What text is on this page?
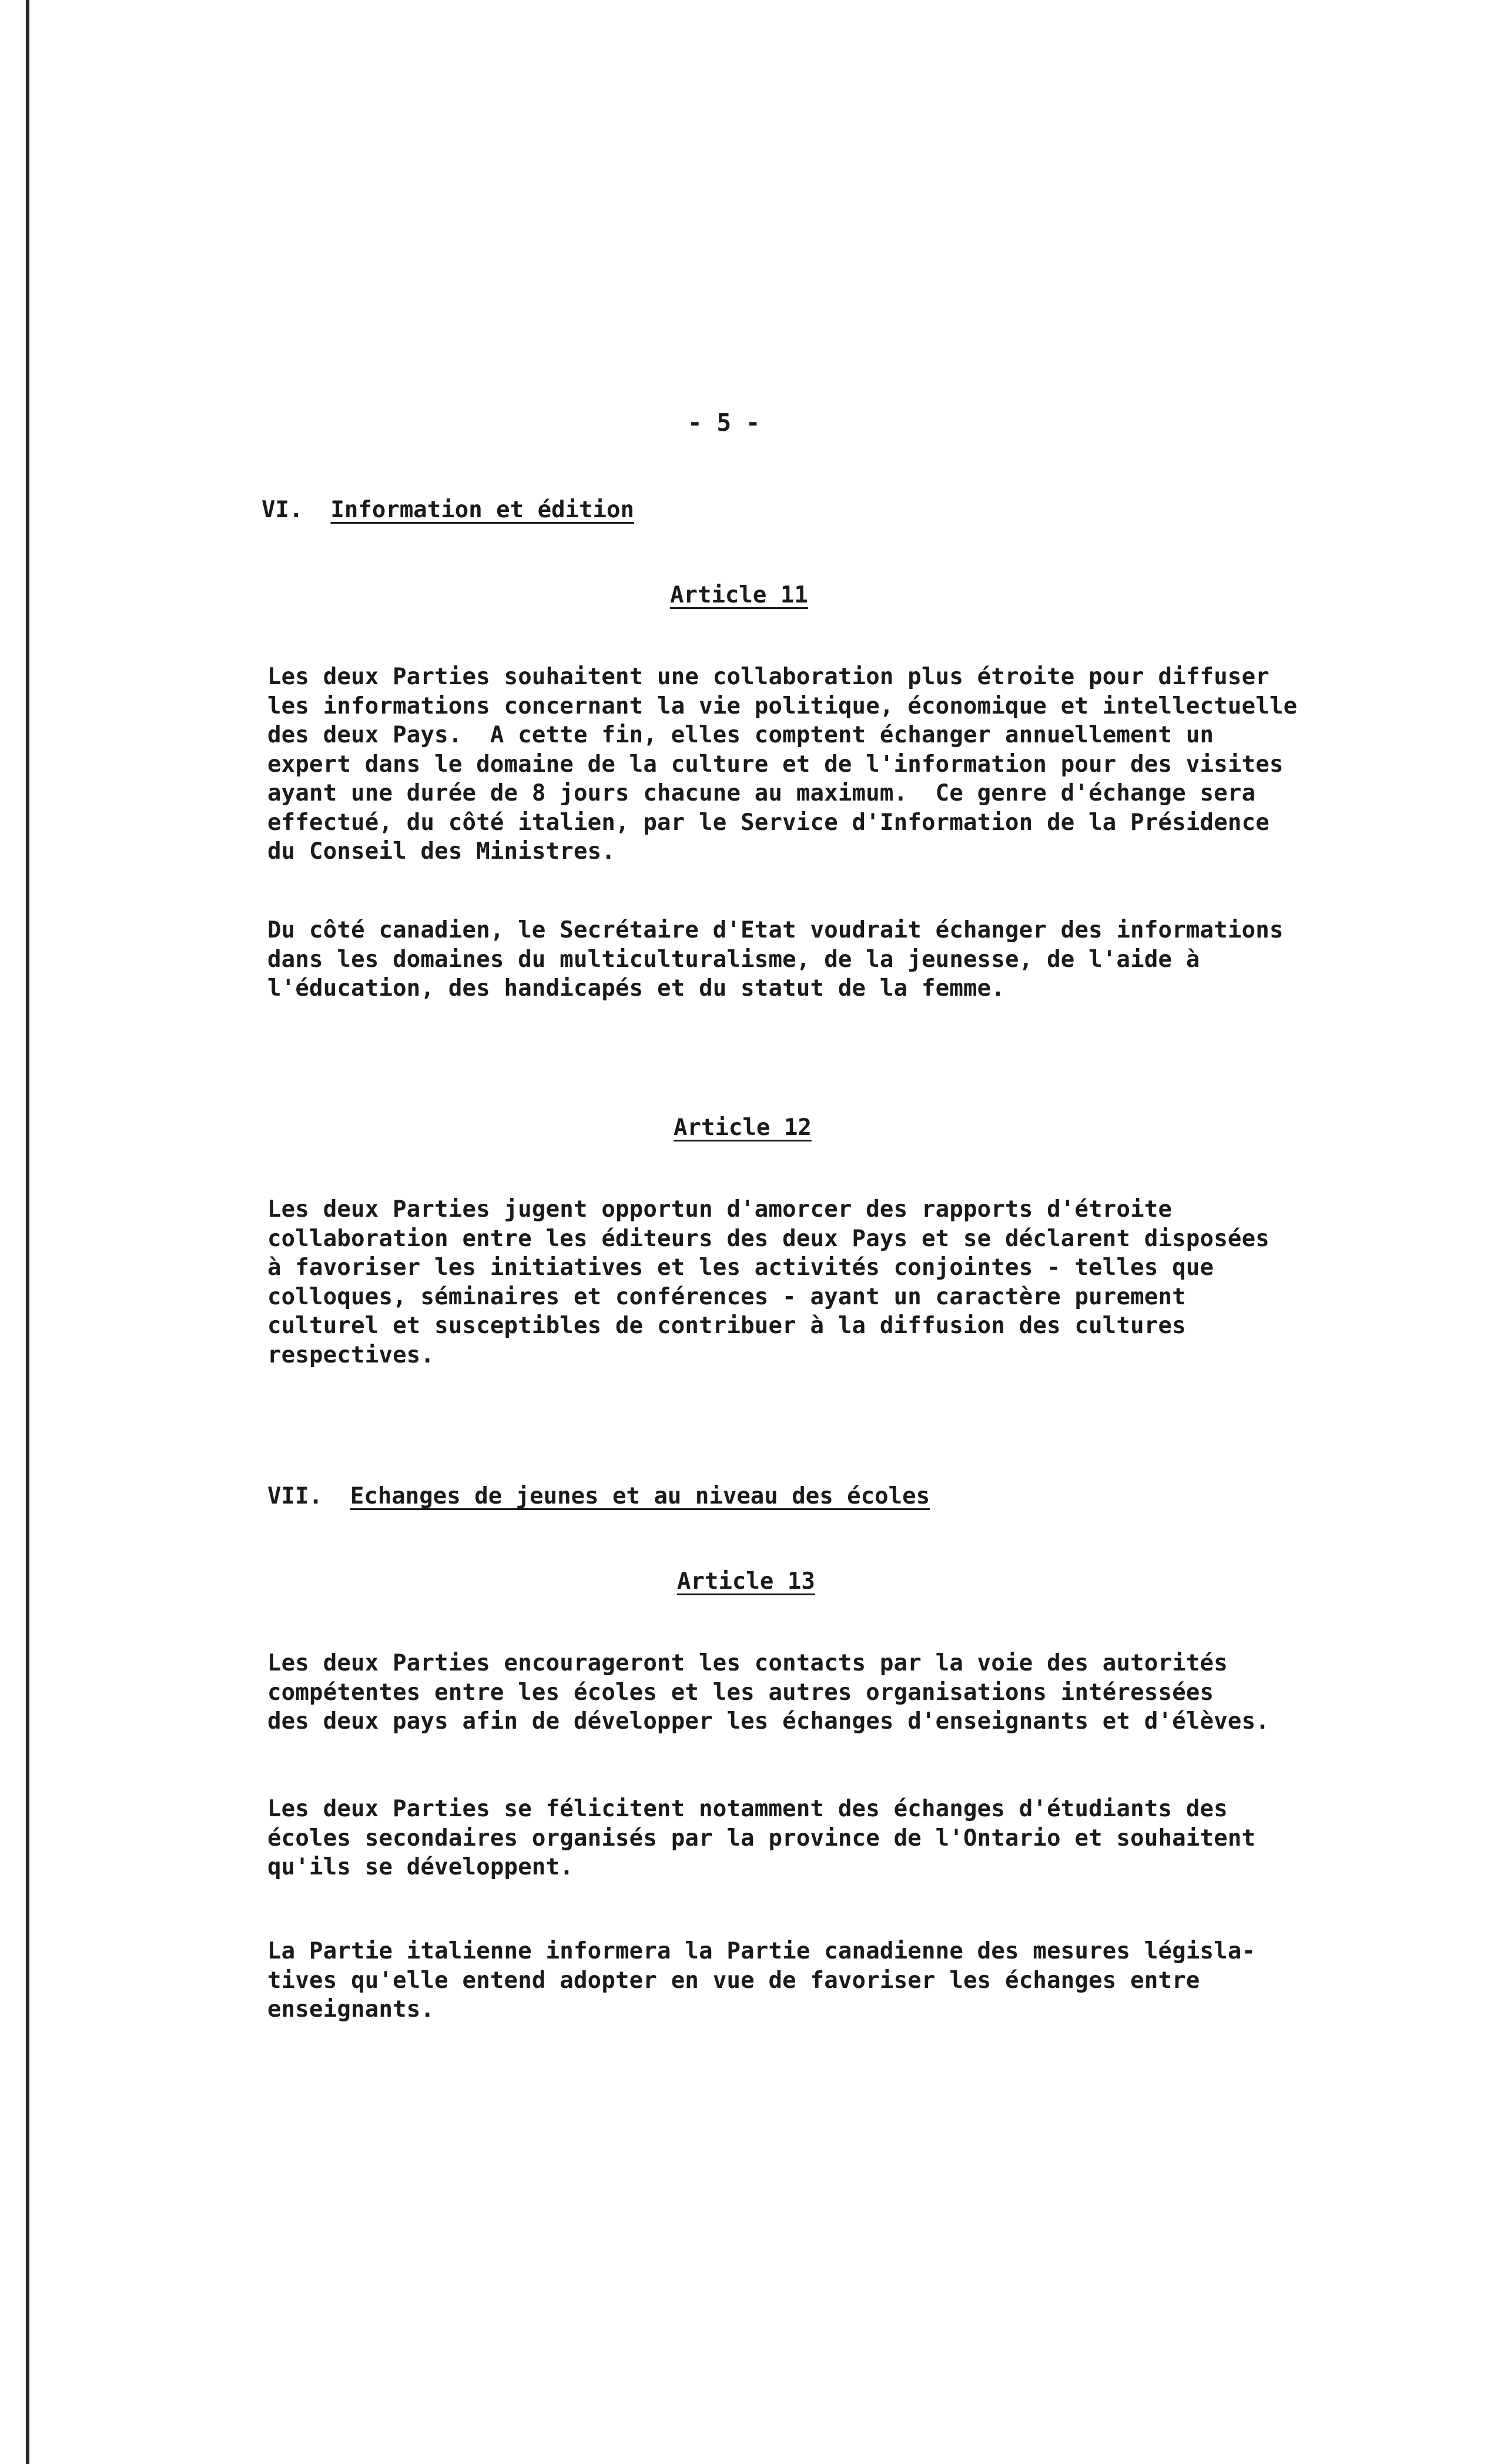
- 5 -
VI. Information et édition
Article 11
Les deux Parties souhaitent une collaboration plus étroite pour diffuser
les informations concernant la vie politique, économique et intellectuelle
des deux Pays.  A cette fin, elles comptent échanger annuellement un
expert dans le domaine de la culture et de l'information pour des visites
ayant une durée de 8 jours chacune au maximum.  Ce genre d'échange sera
effectué, du côté italien, par le Service d'Information de la Présidence
du Conseil des Ministres.
Du côté canadien, le Secrétaire d'Etat voudrait échanger des informations
dans les domaines du multiculturalisme, de la jeunesse, de l'aide à
l'éducation, des handicapés et du statut de la femme.
Article 12
Les deux Parties jugent opportun d'amorcer des rapports d'étroite
collaboration entre les éditeurs des deux Pays et se déclarent disposées
à favoriser les initiatives et les activités conjointes - telles que
colloques, séminaires et conférences - ayant un caractère purement
culturel et susceptibles de contribuer à la diffusion des cultures
respectives.
VII. Echanges de jeunes et au niveau des écoles
Article 13
Les deux Parties encourageront les contacts par la voie des autorités
compétentes entre les écoles et les autres organisations intéressées
des deux pays afin de développer les échanges d'enseignants et d'élèves.
Les deux Parties se félicitent notamment des échanges d'étudiants des
écoles secondaires organisés par la province de l'Ontario et souhaitent
qu'ils se développent.
La Partie italienne informera la Partie canadienne des mesures législa-
tives qu'elle entend adopter en vue de favoriser les échanges entre
enseignants.
